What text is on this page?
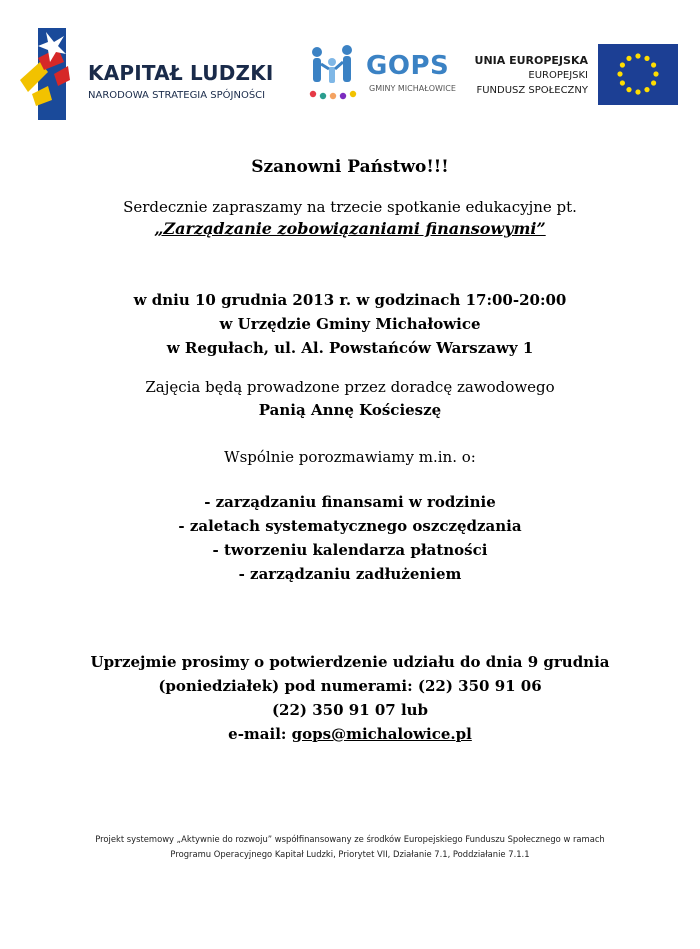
KAPITAŁ LUDZKI
NARODOWA STRATEGIA SPÓJNOŚCI
GOPS
GMINY MICHAŁOWICE
UNIA EUROPEJSKA
EUROPEJSKI
FUNDUSZ SPOŁECZNY
Szanowni Państwo!!!
Serdecznie zapraszamy na trzecie spotkanie edukacyjne pt.
„Zarządzanie zobowiązaniami finansowymi”
w dniu 10 grudnia 2013 r. w godzinach 17:00-20:00
w Urzędzie Gminy Michałowice
w Regułach, ul. Al. Powstańców Warszawy 1
Zajęcia będą prowadzone przez doradcę zawodowego
Panią Annę Kościeszę
Wspólnie porozmawiamy m.in. o:
- zarządzaniu finansami w rodzinie
- zaletach systematycznego oszczędzania
- tworzeniu kalendarza płatności
- zarządzaniu zadłużeniem
Uprzejmie prosimy o potwierdzenie udziału do dnia 9 grudnia
(poniedziałek) pod numerami: (22) 350 91 06
(22) 350 91 07 lub
e-mail: gops@michalowice.pl
Projekt systemowy „Aktywnie do rozwoju” współfinansowany ze środków Europejskiego Funduszu Społecznego w ramach
Programu Operacyjnego Kapitał Ludzki, Priorytet VII, Działanie 7.1, Poddziałanie 7.1.1
